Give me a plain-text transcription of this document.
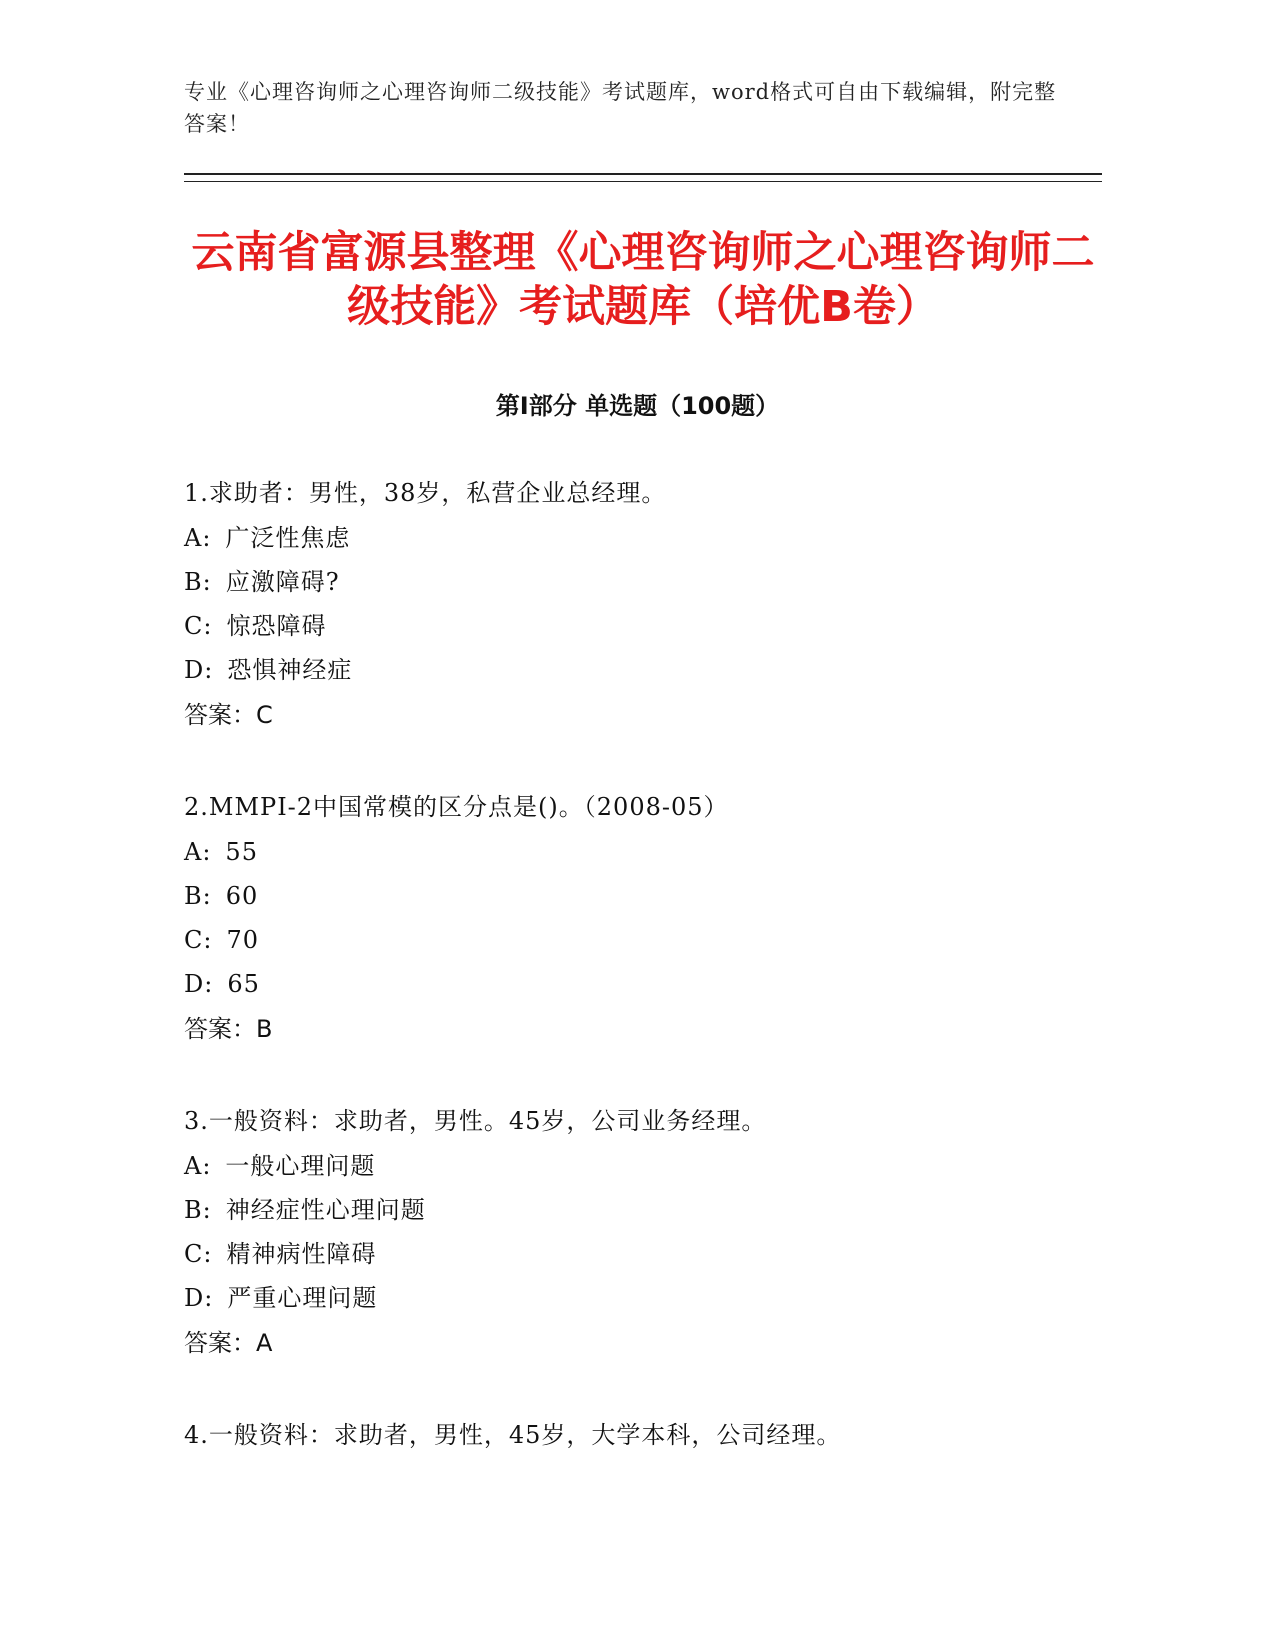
专业《心理咨询师之心理咨询师二级技能》考试题库，word格式可自由下载编辑，附完整答案！
云南省富源县整理《心理咨询师之心理咨询师二级技能》考试题库（培优B卷）
第Ⅰ部分 单选题（100题）
1.求助者：男性，38岁，私营企业总经理。
A: 广泛性焦虑
B: 应激障碍?
C: 惊恐障碍
D: 恐惧神经症
答案：C
2.MMPI-2中国常模的区分点是()。（2008-05）
A: 55
B: 60
C: 70
D: 65
答案：B
3.一般资料：求助者，男性。45岁，公司业务经理。
A: 一般心理问题
B: 神经症性心理问题
C: 精神病性障碍
D: 严重心理问题
答案：A
4.一般资料：求助者，男性，45岁，大学本科，公司经理。
